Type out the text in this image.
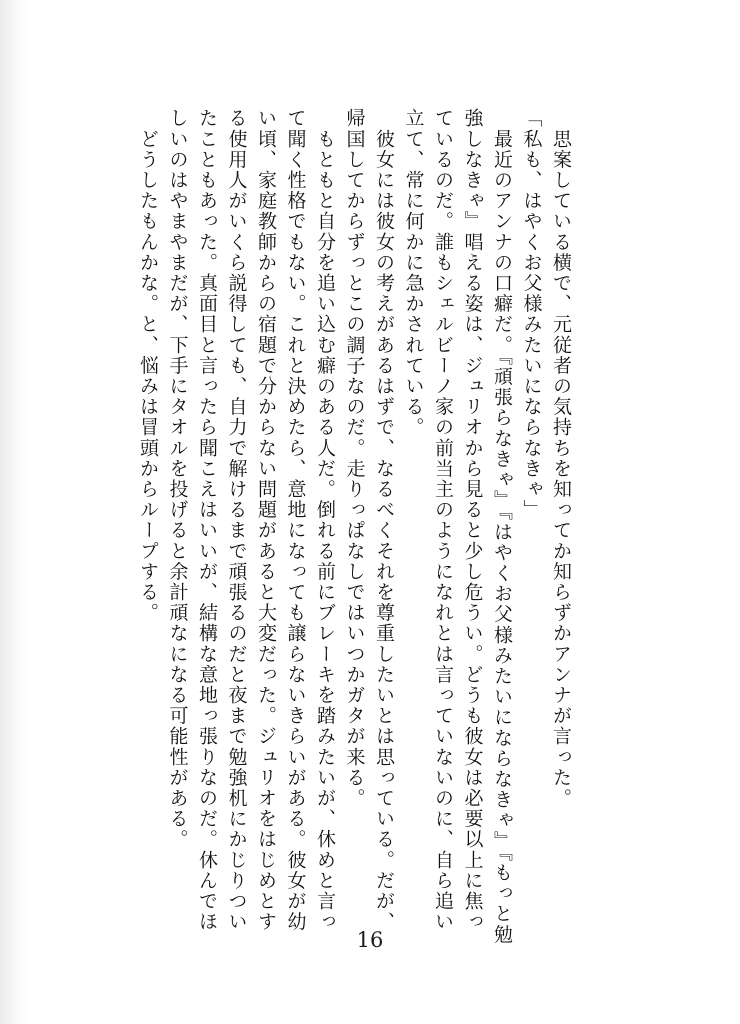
　思案している横で、元従者の気持ちを知ってか知らずかアンナが言った。
「私も、はやくお父様みたいにならなきゃ」
　最近のアンナの口癖だ。『頑張らなきゃ』『はやくお父様みたいにならなきゃ』『もっと勉
強しなきゃ』唱える姿は、ジュリオから見ると少し危うい。どうも彼女は必要以上に焦っ
ているのだ。誰もシェルビーノ家の前当主のようになれとは言っていないのに、自ら追い
立て、常に何かに急かされている。
　彼女には彼女の考えがあるはずで、なるべくそれを尊重したいとは思っている。だが、
帰国してからずっとこの調子なのだ。走りっぱなしではいつかガタが来る。
　もともと自分を追い込む癖のある人だ。倒れる前にブレーキを踏みたいが、休めと言っ
て聞く性格でもない。これと決めたら、意地になっても譲らないきらいがある。彼女が幼
い頃、家庭教師からの宿題で分からない問題があると大変だった。ジュリオをはじめとす
る使用人がいくら説得しても、自力で解けるまで頑張るのだと夜まで勉強机にかじりつい
たこともあった。真面目と言ったら聞こえはいいが、結構な意地っ張りなのだ。休んでほ
しいのはやまやまだが、下手にタオルを投げると余計頑なになる可能性がある。
　どうしたもんかな。と、悩みは冒頭からループする。
16
